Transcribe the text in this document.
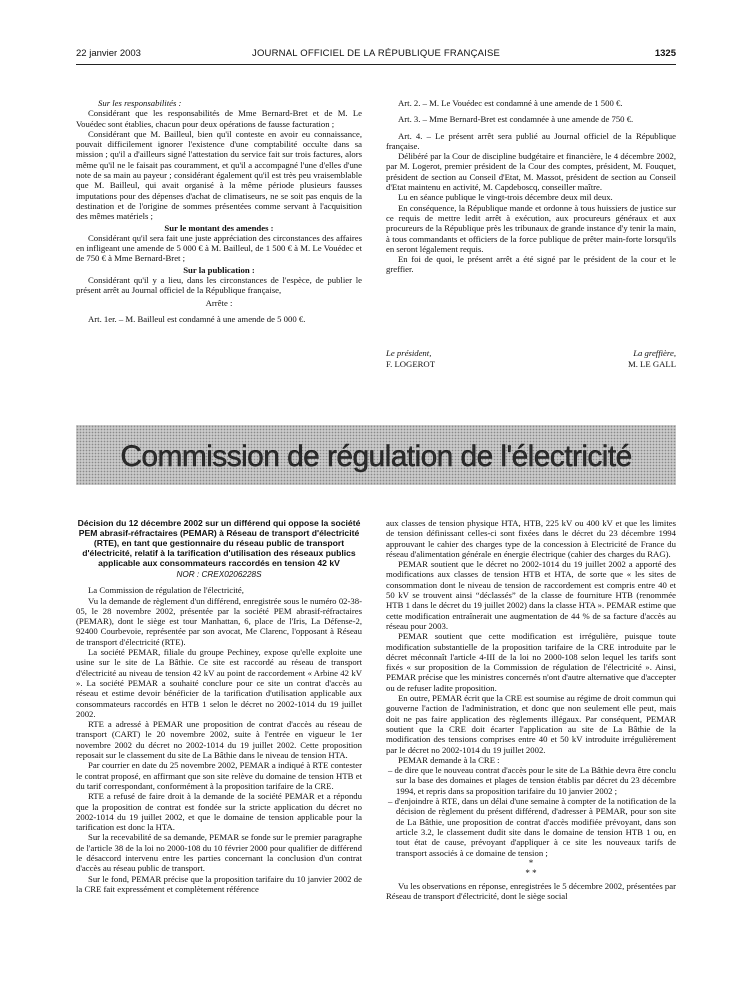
22 janvier 2003	JOURNAL OFFICIEL DE LA RÉPUBLIQUE FRANÇAISE	1325

Sur les responsabilités :

Considérant que les responsabilités de Mme Bernard-Bret et de M. Le Vouédec sont établies, chacun pour deux opérations de fausse facturation ;

Considérant que M. Bailleul, bien qu'il conteste en avoir eu connaissance, pouvait difficilement ignorer l'existence d'une comptabilité occulte dans sa mission ; qu'il a d'ailleurs signé l'attestation du service fait sur trois factures, alors même qu'il ne le faisait pas couramment, et qu'il a accompagné l'une d'elles d'une note de sa main au payeur ; considérant également qu'il est très peu vraisemblable que M. Bailleul, qui avait organisé à la même période plusieurs fausses imputations pour des dépenses d'achat de climatiseurs, ne se soit pas enquis de la destination et de l'origine de sommes présentées comme servant à l'acquisition des mêmes matériels ;

Sur le montant des amendes :

Considérant qu'il sera fait une juste appréciation des circonstances des affaires en infligeant une amende de 5 000 € à M. Bailleul, de 1 500 € à M. Le Vouédec et de 750 € à Mme Bernard-Bret ;

Sur la publication :

Considérant qu'il y a lieu, dans les circonstances de l'espèce, de publier le présent arrêt au Journal officiel de la République française,

Arrête :

Art. 1er. – M. Bailleul est condamné à une amende de 5 000 €.

Art. 2. – M. Le Vouédec est condamné à une amende de 1 500 €.

Art. 3. – Mme Bernard-Bret est condamnée à une amende de 750 €.

Art. 4. – Le présent arrêt sera publié au Journal officiel de la République française.

Délibéré par la Cour de discipline budgétaire et financière, le 4 décembre 2002, par M. Logerot, premier président de la Cour des comptes, président, M. Fouquet, président de section au Conseil d'Etat, M. Massot, président de section au Conseil d'Etat maintenu en activité, M. Capdeboscq, conseiller maître.

Lu en séance publique le vingt-trois décembre deux mil deux.

En conséquence, la République mande et ordonne à tous huissiers de justice sur ce requis de mettre ledit arrêt à exécution, aux procureurs généraux et aux procureurs de la République près les tribunaux de grande instance d'y tenir la main, à tous commandants et officiers de la force publique de prêter main-forte lorsqu'ils en seront légalement requis.

En foi de quoi, le présent arrêt a été signé par le président de la cour et le greffier.

Le président,
F. LOGEROT
La greffière,
M. LE GALL
Commission de régulation de l'électricité
Décision du 12 décembre 2002 sur un différend qui oppose la société PEM abrasif-réfractaires (PEMAR) à Réseau de transport d'électricité (RTE), en tant que gestionnaire du réseau public de transport d'électricité, relatif à la tarification d'utilisation des réseaux publics applicable aux consommateurs raccordés en tension 42 kV
NOR : CREX0206228S

La Commission de régulation de l'électricité,

Vu la demande de règlement d'un différend, enregistrée sous le numéro 02-38-05, le 28 novembre 2002, présentée par la société PEM abrasif-réfractaires (PEMAR), dont le siège est tour Manhattan, 6, place de l'Iris, La Défense-2, 92400 Courbevoie, représentée par son avocat, Me Clarenc, l'opposant à Réseau de transport d'électricité (RTE).

La société PEMAR, filiale du groupe Pechiney, expose qu'elle exploite une usine sur le site de La Bâthie. Ce site est raccordé au réseau de transport d'électricité au niveau de tension 42 kV au point de raccordement « Arbine 42 kV ». La société PEMAR a souhaité conclure pour ce site un contrat d'accès au réseau et estime devoir bénéficier de la tarification d'utilisation applicable aux consommateurs raccordés en HTB 1 selon le décret no 2002-1014 du 19 juillet 2002.

RTE a adressé à PEMAR une proposition de contrat d'accès au réseau de transport (CART) le 20 novembre 2002, suite à l'entrée en vigueur le 1er novembre 2002 du décret no 2002-1014 du 19 juillet 2002. Cette proposition reposait sur le classement du site de La Bâthie dans le niveau de tension HTA.

Par courrier en date du 25 novembre 2002, PEMAR a indiqué à RTE contester le contrat proposé, en affirmant que son site relève du domaine de tension HTB et du tarif correspondant, conformément à la proposition tarifaire de la CRE.

RTE a refusé de faire droit à la demande de la société PEMAR et a répondu que la proposition de contrat est fondée sur la stricte application du décret no 2002-1014 du 19 juillet 2002, et que le domaine de tension applicable pour la tarification est donc la HTA.

Sur la recevabilité de sa demande, PEMAR se fonde sur le premier paragraphe de l'article 38 de la loi no 2000-108 du 10 février 2000 pour qualifier de différend le désaccord intervenu entre les parties concernant la conclusion d'un contrat d'accès au réseau public de transport.

Sur le fond, PEMAR précise que la proposition tarifaire du 10 janvier 2002 de la CRE fait expressément et complètement référence

aux classes de tension physique HTA, HTB, 225 kV ou 400 kV et que les limites de tension définissant celles-ci sont fixées dans le décret du 23 décembre 1994 approuvant le cahier des charges type de la concession à Electricité de France du réseau d'alimentation générale en énergie électrique (cahier des charges du RAG).

PEMAR soutient que le décret no 2002-1014 du 19 juillet 2002 a apporté des modifications aux classes de tension HTB et HTA, de sorte que « les sites de consommation dont le niveau de tension de raccordement est compris entre 40 et 50 kV se trouvent ainsi “déclassés” de la classe de fourniture HTB (renommée HTB 1 dans le décret du 19 juillet 2002) dans la classe HTA ». PEMAR estime que cette modification entraînerait une augmentation de 44 % de sa facture d'accès au réseau pour 2003.

PEMAR soutient que cette modification est irrégulière, puisque toute modification substantielle de la proposition tarifaire de la CRE introduite par le décret méconnaît l'article 4-III de la loi no 2000-108 selon lequel les tarifs sont fixés « sur proposition de la Commission de régulation de l'électricité ». Ainsi, PEMAR précise que les ministres concernés n'ont d'autre alternative que d'accepter ou de refuser ladite proposition.

En outre, PEMAR écrit que la CRE est soumise au régime de droit commun qui gouverne l'action de l'administration, et donc que non seulement elle peut, mais doit ne pas faire application des règlements illégaux. Par conséquent, PEMAR soutient que la CRE doit écarter l'application au site de La Bâthie de la modification des tensions comprises entre 40 et 50 kV introduite irrégulièrement par le décret no 2002-1014 du 19 juillet 2002.

PEMAR demande à la CRE :

– de dire que le nouveau contrat d'accès pour le site de La Bâthie devra être conclu sur la base des domaines et plages de tension établis par décret du 23 décembre 1994, et repris dans sa proposition tarifaire du 10 janvier 2002 ;
– d'enjoindre à RTE, dans un délai d'une semaine à compter de la notification de la décision de règlement du présent différend, d'adresser à PEMAR, pour son site de La Bâthie, une proposition de contrat d'accès modifiée prévoyant, dans son article 3.2, le classement dudit site dans le domaine de tension HTB 1 ou, en tout état de cause, prévoyant d'appliquer à ce site les nouveaux tarifs de transport associés à ce domaine de tension ;
*
* *

Vu les observations en réponse, enregistrées le 5 décembre 2002, présentées par Réseau de transport d'électricité, dont le siège social
